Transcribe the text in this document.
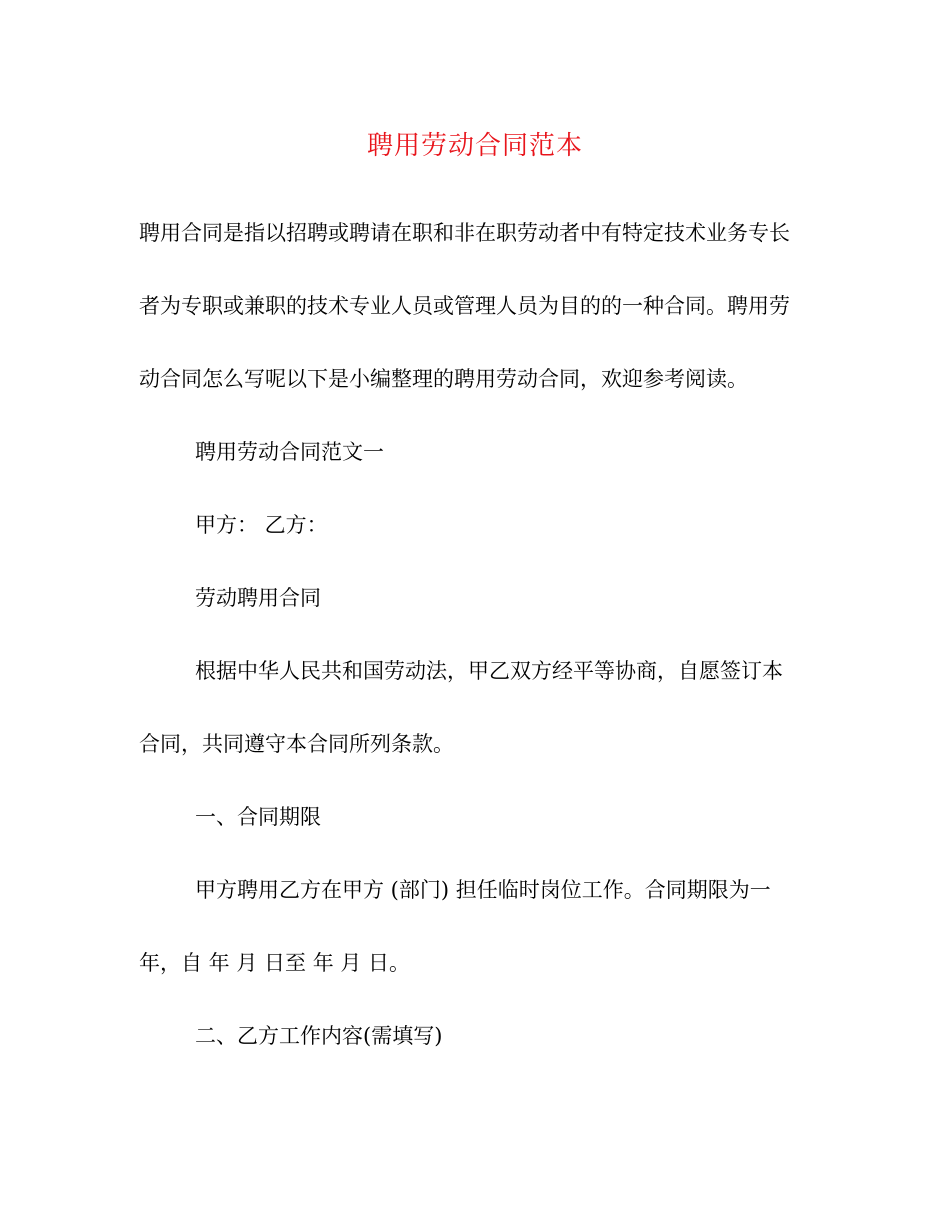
聘用劳动合同范本

聘用合同是指以招聘或聘请在职和非在职劳动者中有特定技术业务专长

者为专职或兼职的技术专业人员或管理人员为目的的一种合同。聘用劳

动合同怎么写呢以下是小编整理的聘用劳动合同，欢迎参考阅读。

聘用劳动合同范文一

甲方： 乙方：

劳动聘用合同

根据中华人民共和国劳动法，甲乙双方经平等协商，自愿签订本

合同，共同遵守本合同所列条款。

一、合同期限

甲方聘用乙方在甲方 (部门) 担任临时岗位工作。合同期限为一

年，自 年 月 日至 年 月 日。

二、乙方工作内容(需填写)
